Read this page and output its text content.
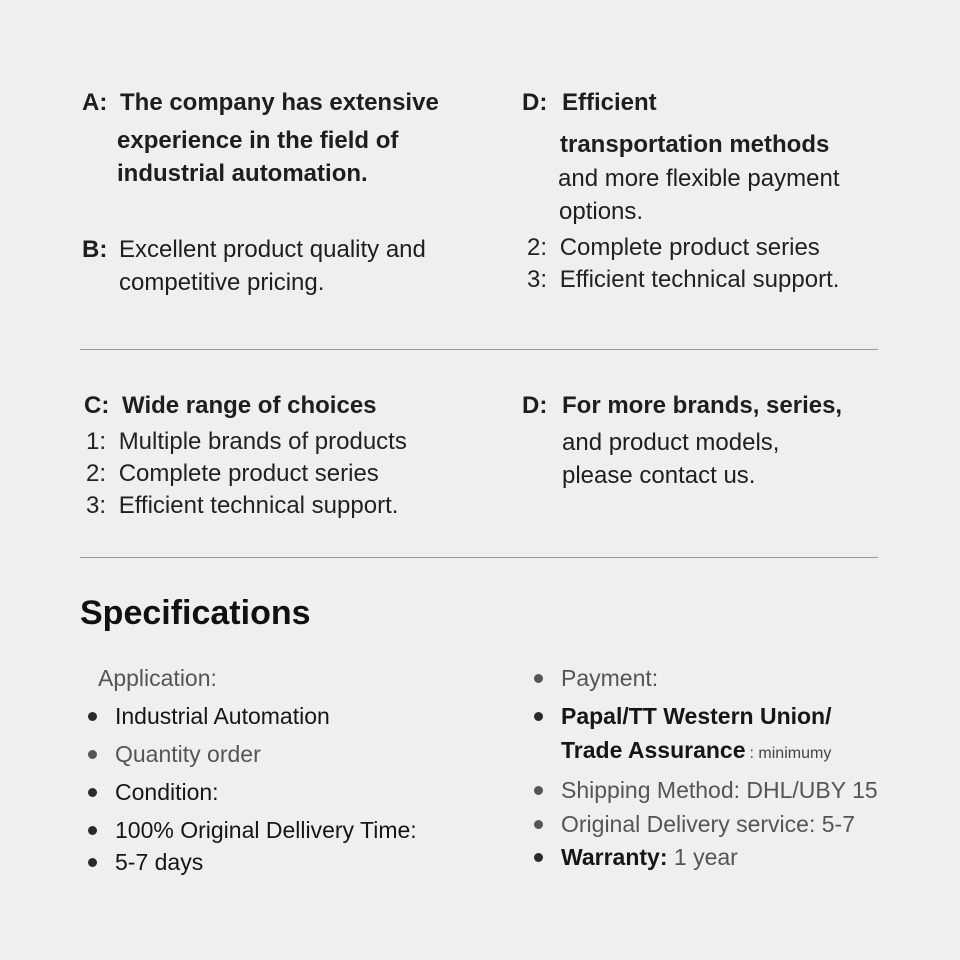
A: The company has extensive
experience in the field of
industrial automation.
B: Excellent product quality and
competitive pricing.
D: Efficient
transportation methods
and more flexible payment
options.
2: Complete product series
3: Efficient technical support.
C: Wide range of choices
1: Multiple brands of products
2: Complete product series
3: Efficient technical support.
D: For more brands, series,
and product models,
please contact us.
Specifications
Application:
Industrial Automation
Quantity order
Condition:
100% Original Dellivery Time:
5-7 days
Payment:
Papal/TT Western Union/
Trade Assurance : minimumy
Shipping Method: DHL/UBY 15
Original Delivery service: 5-7
Warranty: 1 year
